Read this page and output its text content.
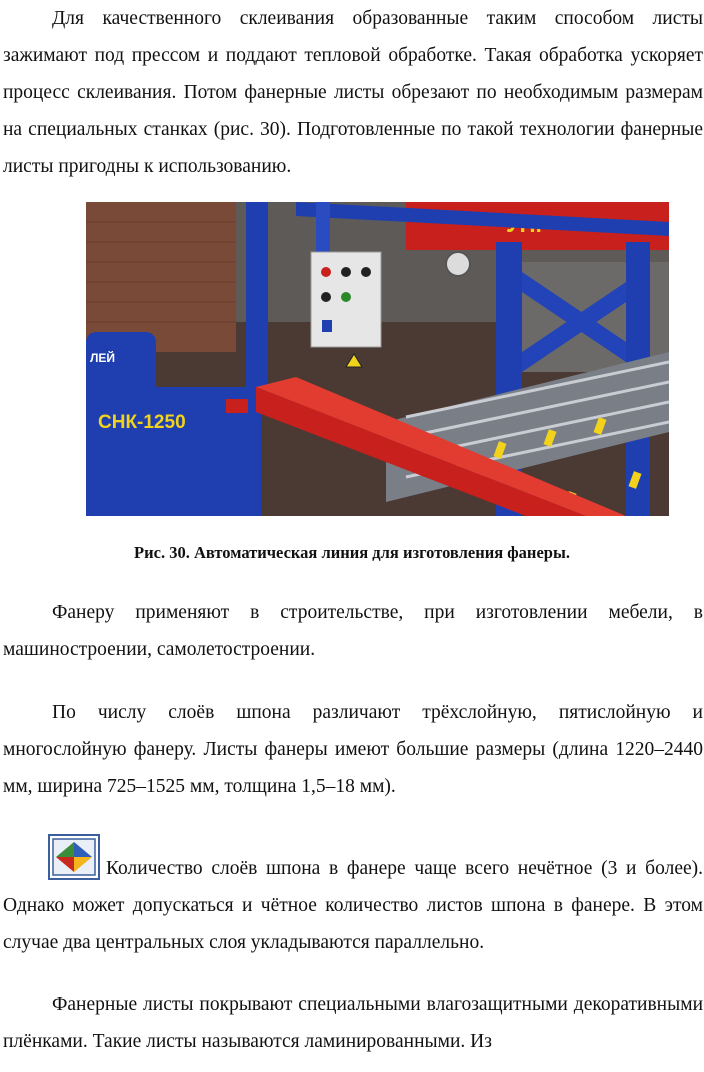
Для качественного склеивания образованные таким способом листы зажимают под прессом и поддают тепловой обработке. Такая обработка ускоряет процесс склеивания. Потом фанерные листы обрезают по необходимым размерам на специальных станках (рис. 30). Подготовленные по такой технологии фанерные листы пригодны к использованию.

ЛЕЙ
СНК-1250
Рис. 30. Автоматическая линия для изготовления фанеры.

Фанеру применяют в строительстве, при изготовлении мебели, в машиностроении, самолетостроении.

По числу слоёв шпона различают трёхслойную, пятислойную и многослойную фанеру. Листы фанеры имеют большие размеры (длина 1220–2440 мм, ширина 725–1525 мм, толщина 1,5–18 мм).

Количество слоёв шпона в фанере чаще всего нечётное (3 и более). Однако может допускаться и чётное количество листов шпона в фанере. В этом случае два центральных слоя укладываются параллельно.

Фанерные листы покрывают специальными влагозащитными декоративными плёнками. Такие листы называются ламинированными. Из
